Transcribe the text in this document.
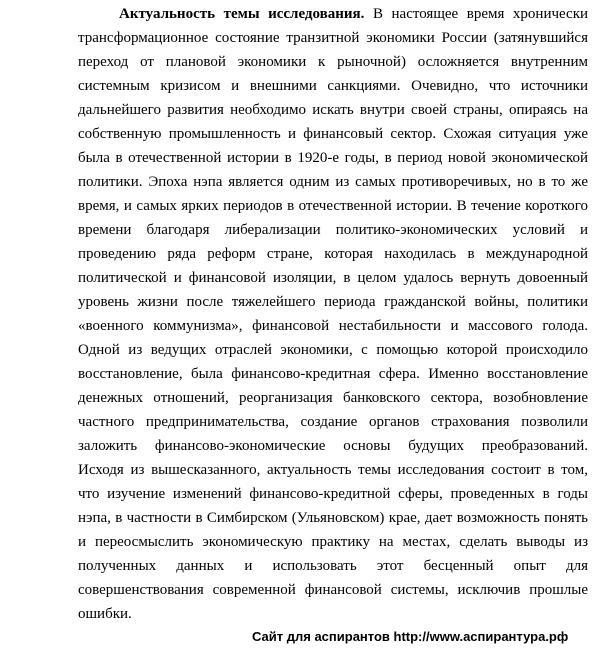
Актуальность темы исследования. В настоящее время хронически
трансформационное состояние транзитной экономики России (затянувшийся
переход от плановой экономики к рыночной) осложняется внутренним
системным кризисом и внешними санкциями. Очевидно, что источники
дальнейшего развития необходимо искать внутри своей страны, опираясь на
собственную промышленность и финансовый сектор. Схожая ситуация уже
была в отечественной истории в 1920-е годы, в период новой экономической
политики. Эпоха нэпа является одним из самых противоречивых, но в то же
время, и самых ярких периодов в отечественной истории. В течение короткого
времени благодаря либерализации политико-экономических условий и
проведению ряда реформ стране, которая находилась в международной
политической и финансовой изоляции, в целом удалось вернуть довоенный
уровень жизни после тяжелейшего периода гражданской войны, политики
«военного коммунизма», финансовой нестабильности и массового голода.
Одной из ведущих отраслей экономики, с помощью которой происходило
восстановление, была финансово-кредитная сфера. Именно восстановление
денежных отношений, реорганизация банковского сектора, возобновление
частного предпринимательства, создание органов страхования позволили
заложить финансово-экономические основы будущих преобразований.
Исходя из вышесказанного, актуальность темы исследования состоит в том,
что изучение изменений финансово-кредитной сферы, проведенных в годы
нэпа, в частности в Симбирском (Ульяновском) крае, дает возможность понять
и переосмыслить экономическую практику на местах, сделать выводы из
полученных данных и использовать этот бесценный опыт для
совершенствования современной финансовой системы, исключив прошлые
ошибки.
Сайт для аспирантов http://www.аспирантура.рф
